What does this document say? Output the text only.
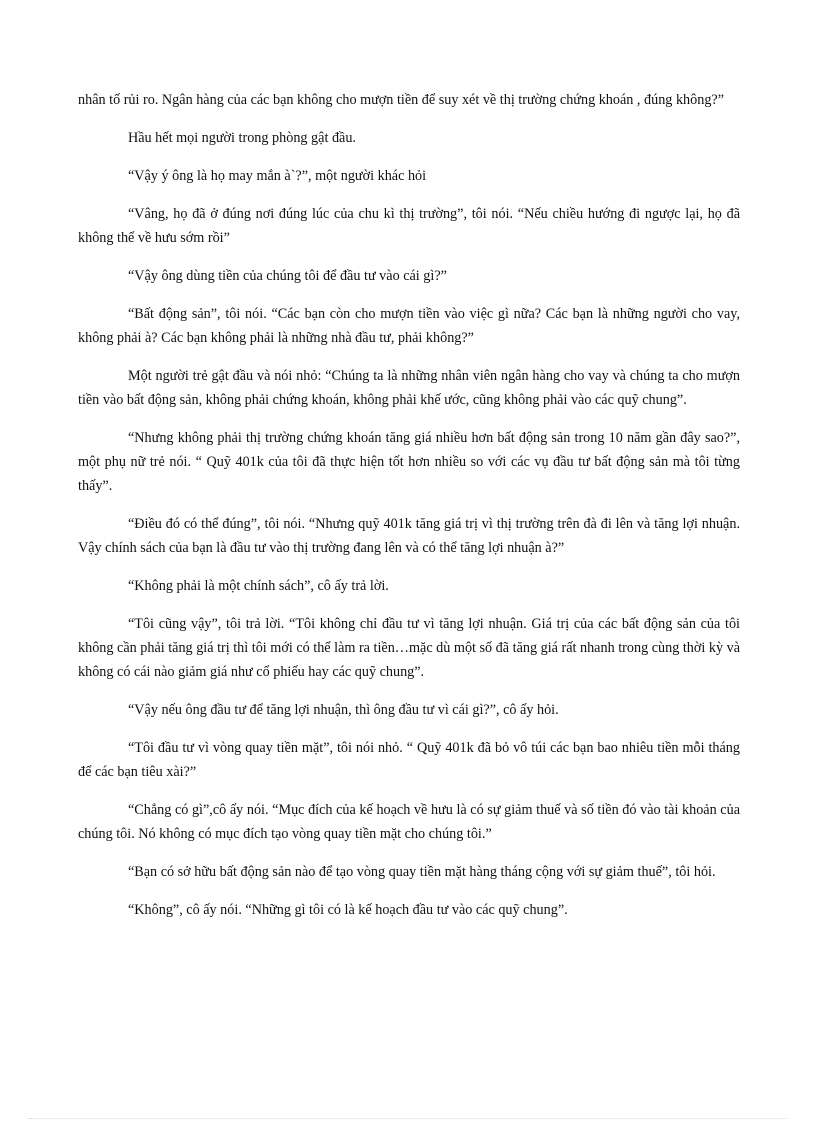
nhân tố rủi ro. Ngân hàng của các bạn không cho mượn tiền để suy xét về thị trường chứng khoán , đúng không?”

Hầu hết mọi người trong phòng gật đầu.

“Vậy ý ông là họ may mắn à`?”, một người khác hỏi

“Vâng, họ đã ở đúng nơi đúng lúc của chu kì thị trường”, tôi nói. “Nếu chiều hướng đi ngược lại, họ đã không thể về hưu sớm rồi”

“Vậy ông dùng tiền của chúng tôi để đầu tư vào cái gì?”

“Bất động sản”, tôi nói. “Các bạn còn cho mượn tiền vào việc gì nữa? Các bạn là những người cho vay, không phải à? Các bạn không phải là những nhà đầu tư, phải không?”

Một người trẻ gật đầu và nói nhỏ: “Chúng ta là những nhân viên ngân hàng cho vay và chúng ta cho mượn tiền vào bất động sản, không phải chứng khoán, không phải khế ước, cũng không phải vào các quỹ chung”.

“Nhưng không phải thị trường chứng khoán tăng giá nhiều hơn bất động sản trong 10 năm gần đây sao?”, một phụ nữ trẻ nói. “ Quỹ 401k của tôi đã thực hiện tốt hơn nhiều so với các vụ đầu tư bất động sản mà tôi từng thấy”.

“Điều đó có thể đúng”, tôi nói. “Nhưng quỹ 401k tăng giá trị vì thị trường trên đà đi lên và tăng lợi nhuận. Vậy chính sách của bạn là đầu tư vào thị trường đang lên và có thể tăng lợi nhuận à?”

“Không phải là một chính sách”, cô ấy trả lời.

“Tôi cũng vậy”, tôi trả lời. “Tôi không chỉ đầu tư vì tăng lợi nhuận. Giá trị của các bất động sản của tôi không cần phải tăng giá trị thì tôi mới có thể làm ra tiền…mặc dù một số đã tăng giá rất nhanh trong cùng thời kỳ và không có cái nào giảm giá như cổ phiếu hay các quỹ chung”.

“Vậy nếu ông đầu tư để tăng lợi nhuận, thì ông đầu tư vì cái gì?”, cô ấy hỏi.

“Tôi đầu tư vì vòng quay tiền mặt”, tôi nói nhỏ. “ Quỹ 401k đã bỏ vô túi các bạn bao nhiêu tiền mỗi tháng để các bạn tiêu xài?”

“Chẳng có gì”,cô ấy nói. “Mục đích của kế hoạch về hưu là có sự giảm thuế và số tiền đó vào tài khoản của chúng tôi. Nó không có mục đích tạo vòng quay tiền mặt cho chúng tôi.”

“Bạn có sở hữu bất động sản nào để tạo vòng quay tiền mặt hàng tháng cộng với sự giảm thuế”, tôi hỏi.

“Không”, cô ấy nói. “Những gì tôi có là kế hoạch đầu tư vào các quỹ chung”.
